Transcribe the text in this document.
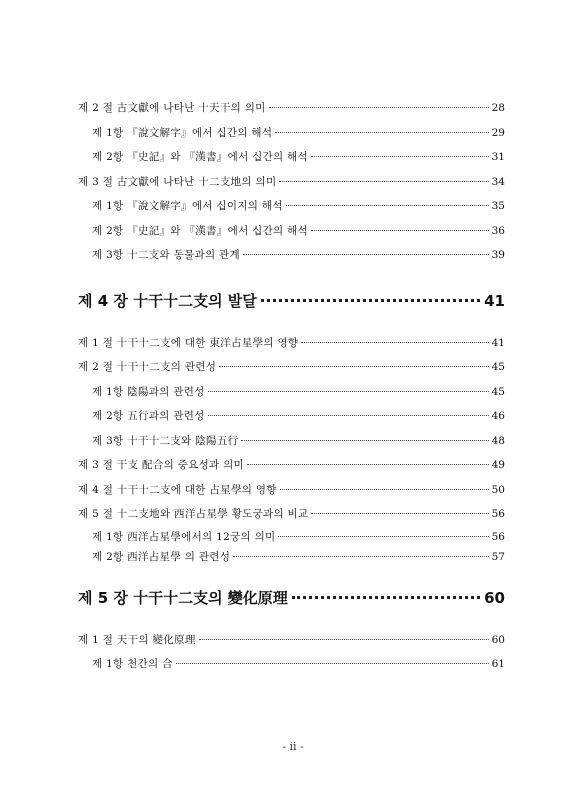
제 2 절 古文獻에 나타난 十天干의 의미	28
제 1항 『說文解字』에서 십간의 해석	29
제 2항 『史記』와 『漢書』에서 십간의 해석	31
제 3 절 古文獻에 나타난 十二支地의 의미	34
제 1항 『說文解字』에서 십이지의 해석	35
제 2항 『史記』와 『漢書』에서 십간의 해석	36
제 3항 十二支와 동물과의 관계	39
제 4 장 十干十二支의 발달	41
제 1 절 十干十二支에 대한 東洋占星學의 영향	41
제 2 절 十干十二支의 관련성	45
제 1항 陰陽과의 관련성	45
제 2항 五行과의 관련성	46
제 3항 十干十二支와 陰陽五行	48
제 3 절 干支 配合의 중요성과 의미	49
제 4 절 十干十二支에 대한 占星學의 영향	50
제 5 절 十二支地와 西洋占星學 황도궁과의 비교	56
제 1항 西洋占星學에서의 12궁의 의미	56
제 2항 西洋占星學 의 관련성	57
제 5 장 十干十二支의 變化原理	60
제 1 절 天干의 變化原理	60
제 1항 천간의 合	61
- ii -
